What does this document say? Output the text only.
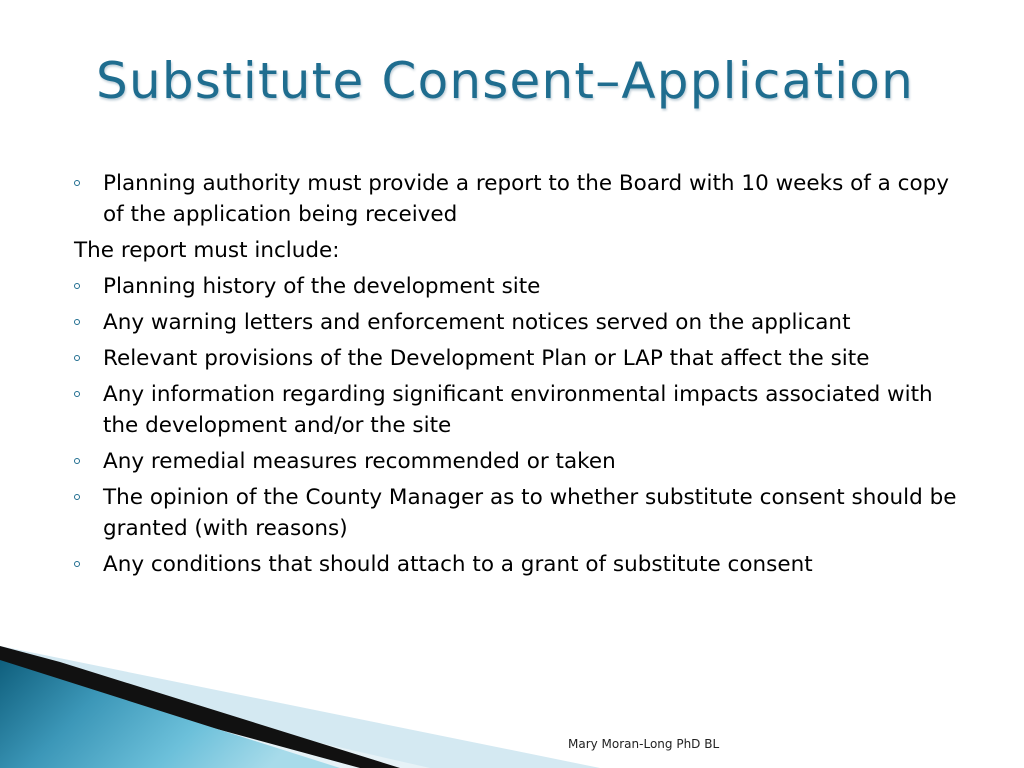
Substitute Consent–Application
Planning authority must provide a report to the Board with 10 weeks of a copy of the application being received
The report must include:
Planning history of the development site
Any warning letters and enforcement notices served on the applicant
Relevant provisions of the Development Plan or LAP that affect the site
Any information regarding significant environmental impacts associated with the development and/or the site
Any remedial measures recommended or taken
The opinion of the County Manager as to whether substitute consent should be granted (with reasons)
Any conditions that should attach to a grant of substitute consent
Mary Moran-Long PhD BL
